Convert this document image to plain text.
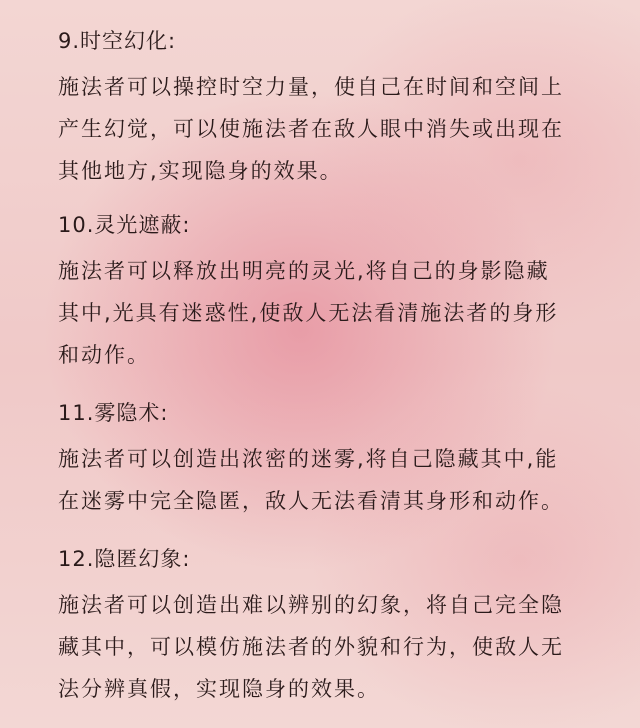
9.时空幻化:
施法者可以操控时空力量，使自己在时间和空间上
产生幻觉，可以使施法者在敌人眼中消失或出现在
其他地方,实现隐身的效果。
10.灵光遮蔽:
施法者可以释放出明亮的灵光,将自己的身影隐藏
其中,光具有迷惑性,使敌人无法看清施法者的身形
和动作。
11.雾隐术:
施法者可以创造出浓密的迷雾,将自己隐藏其中,能
在迷雾中完全隐匿，敌人无法看清其身形和动作。
12.隐匿幻象:
施法者可以创造出难以辨别的幻象，将自己完全隐
藏其中，可以模仿施法者的外貌和行为，使敌人无
法分辨真假，实现隐身的效果。
